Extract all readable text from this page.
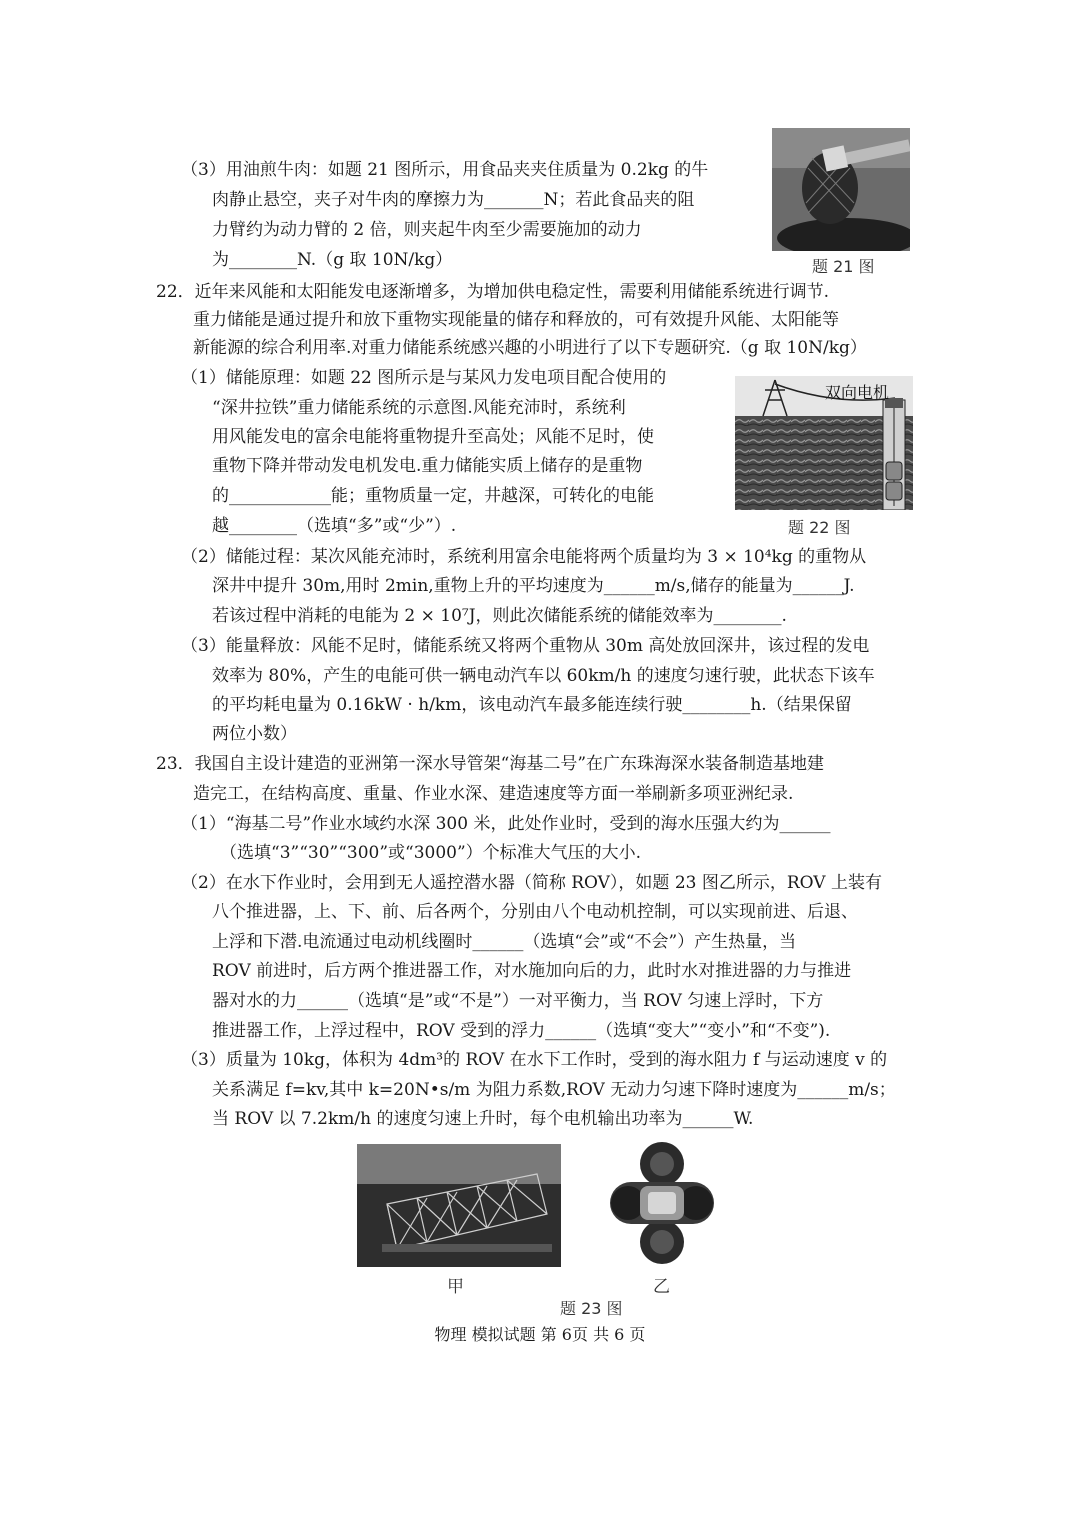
（3）用油煎牛肉：如题 21 图所示，用食品夹夹住质量为 0.2kg 的牛
肉静止悬空，夹子对牛肉的摩擦力为_______N；若此食品夹的阻
力臂约为动力臂的 2 倍，则夹起牛肉至少需要施加的动力
为________N.（g 取 10N/kg）	题 21 图
22．近年来风能和太阳能发电逐渐增多，为增加供电稳定性，需要利用储能系统进行调节.
重力储能是通过提升和放下重物实现能量的储存和释放的，可有效提升风能、太阳能等
新能源的综合利用率.对重力储能系统感兴趣的小明进行了以下专题研究.（g 取 10N/kg）
（1）储能原理：如题 22 图所示是与某风力发电项目配合使用的
“深井拉铁”重力储能系统的示意图.风能充沛时，系统利
用风能发电的富余电能将重物提升至高处；风能不足时，使
重物下降并带动发电机发电.重力储能实质上储存的是重物
的____________能；重物质量一定，井越深，可转化的电能
越________（选填“多”或“少”）.
双向电机
题 22 图
（2）储能过程：某次风能充沛时，系统利用富余电能将两个质量均为 3 × 10⁴kg 的重物从
深井中提升 30m,用时 2min,重物上升的平均速度为______m/s,储存的能量为______J.
若该过程中消耗的电能为 2 × 10⁷J，则此次储能系统的储能效率为________.
（3）能量释放：风能不足时，储能系统又将两个重物从 30m 高处放回深井，该过程的发电
效率为 80%，产生的电能可供一辆电动汽车以 60km/h 的速度匀速行驶，此状态下该车
的平均耗电量为 0.16kW · h/km，该电动汽车最多能连续行驶________h.（结果保留
两位小数）
23．我国自主设计建造的亚洲第一深水导管架“海基二号”在广东珠海深水装备制造基地建
造完工，在结构高度、重量、作业水深、建造速度等方面一举刷新多项亚洲纪录.
（1）“海基二号”作业水域约水深 300 米，此处作业时，受到的海水压强大约为______
（选填“3”“30”“300”或“3000”）个标准大气压的大小.
（2）在水下作业时，会用到无人遥控潜水器（简称 ROV），如题 23 图乙所示，ROV 上装有
八个推进器，上、下、前、后各两个，分别由八个电动机控制，可以实现前进、后退、
上浮和下潜.电流通过电动机线圈时______（选填“会”或“不会”）产生热量，当
ROV 前进时，后方两个推进器工作，对水施加向后的力，此时水对推进器的力与推进
器对水的力______（选填“是”或“不是”）一对平衡力，当 ROV 匀速上浮时，下方
推进器工作，上浮过程中，ROV 受到的浮力______（选填“变大”“变小”和“不变”).
（3）质量为 10kg，体积为 4dm³的 ROV 在水下工作时，受到的海水阻力 f 与运动速度 v 的
关系满足 f=kv,其中 k=20N•s/m 为阻力系数,ROV 无动力匀速下降时速度为______m/s；
当 ROV 以 7.2km/h 的速度匀速上升时，每个电机输出功率为______W.
甲	乙
题 23 图
物理 模拟试题 第 6页 共 6 页
